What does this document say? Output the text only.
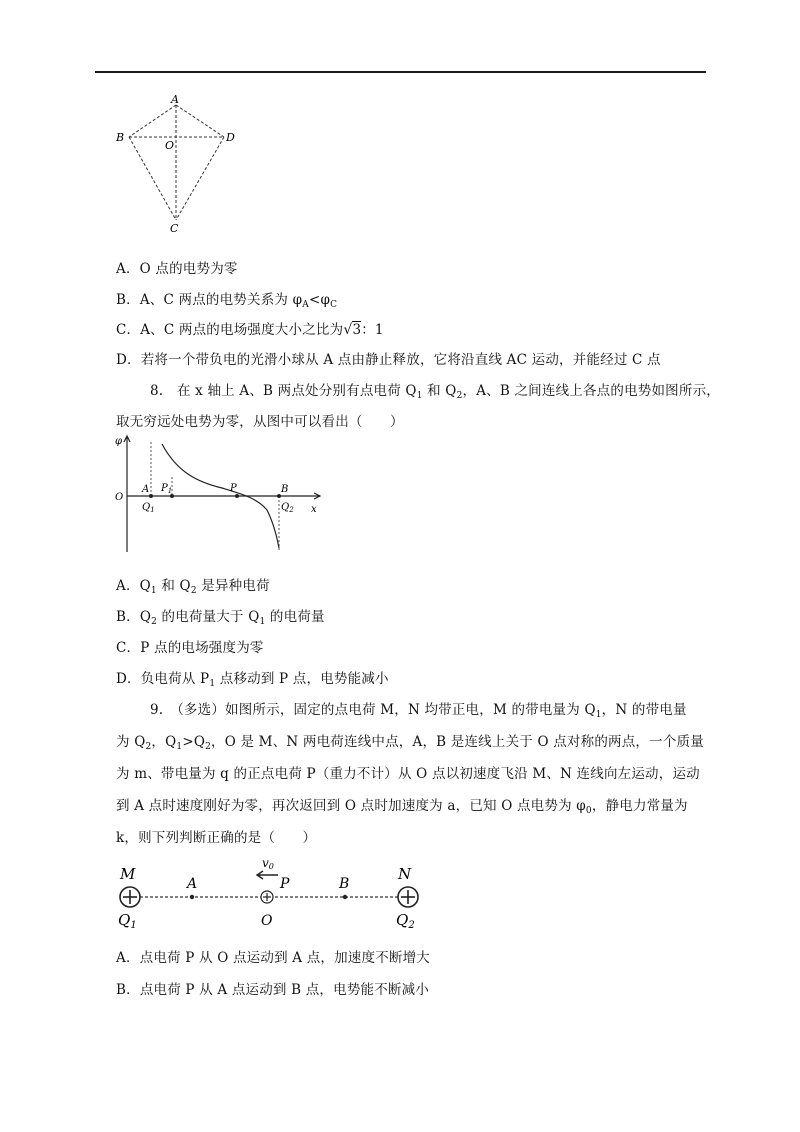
A
B	D
O
C
A．O 点的电势为零
B．A、C 两点的电势关系为 $\varphi_A<\varphi_C$
C．A、C 两点的电场强度大小之比为√3：1
D．若将一个带负电的光滑小球从 A 点由静止释放，它将沿直线 AC 运动，并能经过 C 点
8.　在 x 轴上 A、B 两点处分别有点电荷 $Q_1$ 和 $Q_2$，A、B 之间连线上各点的电势如图所示，
取无穷远处电势为零，从图中可以看出（　　）
φ
O
A $P_1$	P	B
$Q_1$	$Q_2$ x
A．$Q_1$ 和 $Q_2$ 是异种电荷
B．$Q_2$ 的电荷量大于 $Q_1$ 的电荷量
C．P 点的电场强度为零
D．负电荷从 $P_1$ 点移动到 P 点，电势能减小
9.　（多选）如图所示，固定的点电荷 M，N 均带正电，M 的带电量为 $Q_1$，N 的带电量
为 $Q_2$，$Q_1>Q_2$，O 是 M、N 两电荷连线中点，A，B 是连线上关于 O 点对称的两点，一个质量
为 m、带电量为 q 的正点电荷 P（重力不计）从 O 点以初速度飞沿 M、N 连线向左运动，运动
到 A 点时速度刚好为零，再次返回到 O 点时加速度为 a，已知 O 点电势为 $\varphi_0$，静电力常量为
k，则下列判断正确的是（　　）
M	N
A	B
P
v0
O
$Q_1$	$Q_2$
A．点电荷 P 从 O 点运动到 A 点，加速度不断增大
B．点电荷 P 从 A 点运动到 B 点，电势能不断减小
